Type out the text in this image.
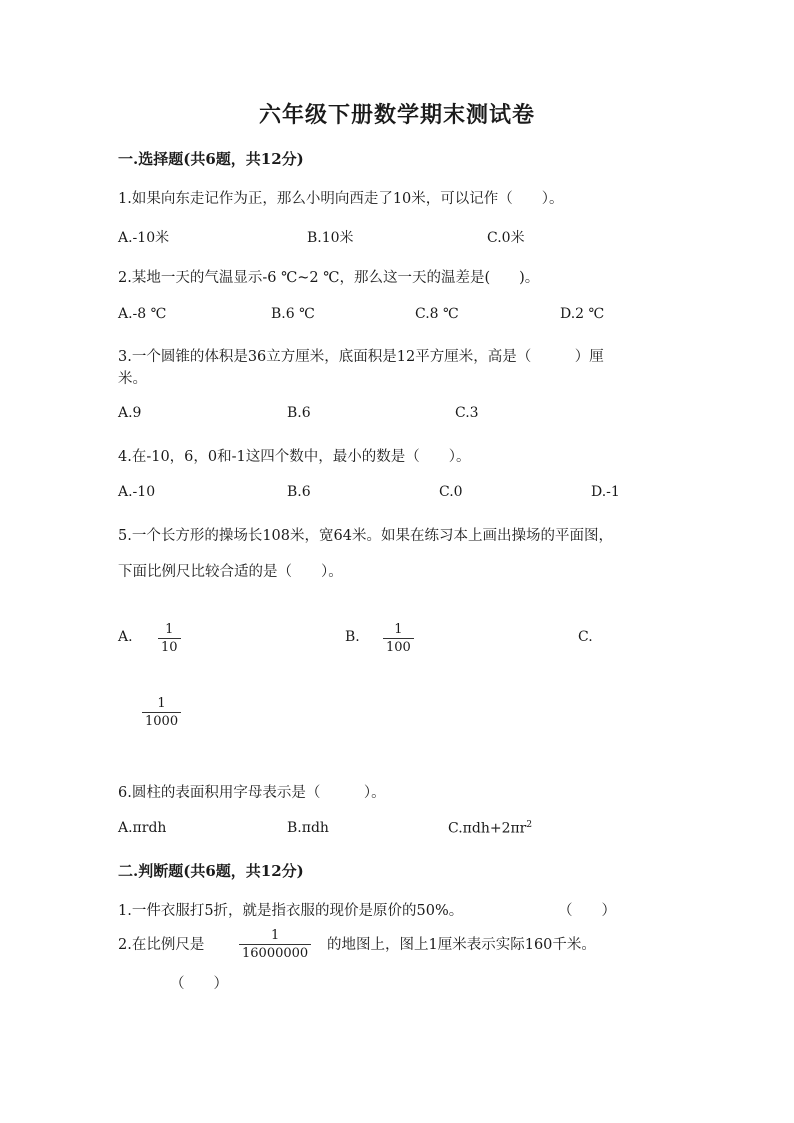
六年级下册数学期末测试卷
一.选择题(共6题，共12分)
1.如果向东走记作为正，那么小明向西走了10米，可以记作（　　）。
A.-10米	B.10米	C.0米
2.某地一天的气温显示-6 ℃~2 ℃，那么这一天的温差是(　　)。
A.-8 ℃	B.6 ℃	C.8 ℃	D.2 ℃
3.一个圆锥的体积是36立方厘米，底面积是12平方厘米，高是（　　　）厘
米。
A.9	B.6	C.3
4.在-10，6，0和-1这四个数中，最小的数是（　　）。
A.-10	B.6	C.0	D.-1
5.一个长方形的操场长108米，宽64米。如果在练习本上画出操场的平面图，
下面比例尺比较合适的是（　　）。
A.	1
10
B.	1
100
C.
1
1000
6.圆柱的表面积用字母表示是（　　　）。
A.πrdh	B.πdh	$C.\pi dh+2\pi r^2$
二.判断题(共6题，共12分)
1.一件衣服打5折，就是指衣服的现价是原价的50%。	（　　）
2.在比例尺是
1
16000000
的地图上，图上1厘米表示实际160千米。
（　　）
